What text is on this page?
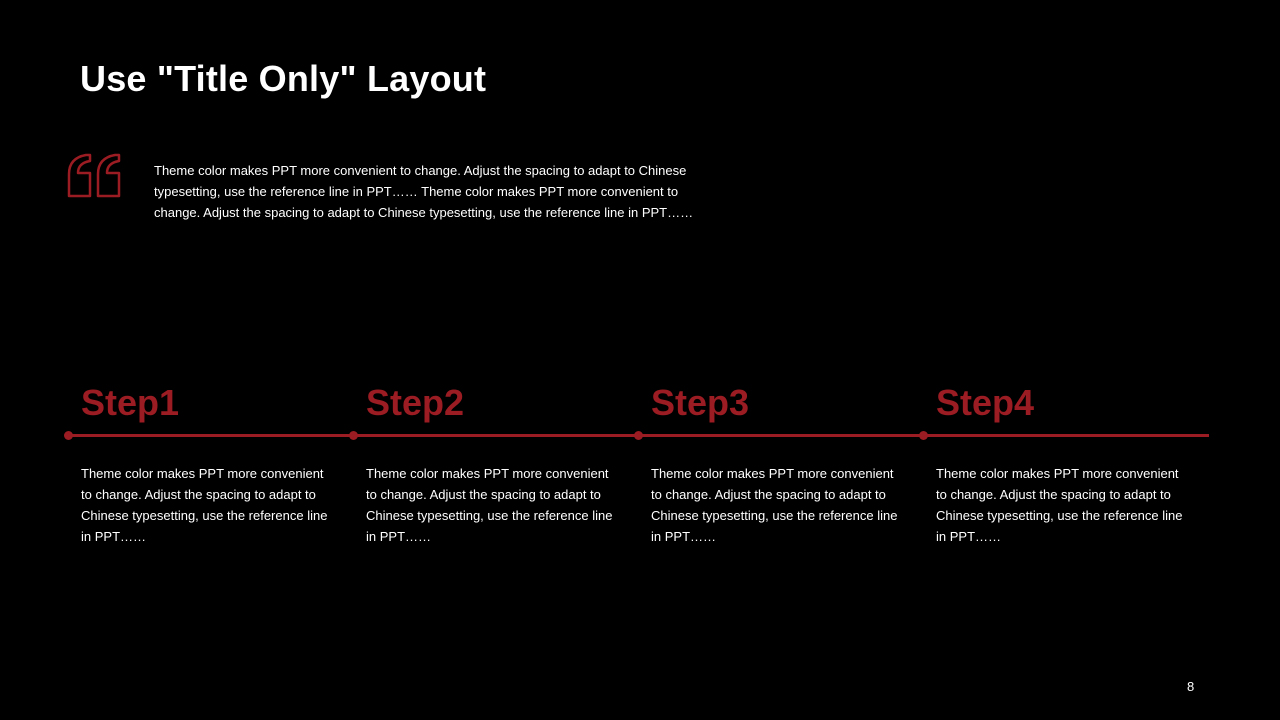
Use "Title Only" Layout
Theme color makes PPT more convenient to change. Adjust the spacing to adapt to Chinese typesetting, use the reference line in PPT…… Theme color makes PPT more convenient to change. Adjust the spacing to adapt to Chinese typesetting, use the reference line in PPT……
Step1
Theme color makes PPT more convenient to change. Adjust the spacing to adapt to Chinese typesetting, use the reference line in PPT……
Step2
Theme color makes PPT more convenient to change. Adjust the spacing to adapt to Chinese typesetting, use the reference line in PPT……
Step3
Theme color makes PPT more convenient to change. Adjust the spacing to adapt to Chinese typesetting, use the reference line in PPT……
Step4
Theme color makes PPT more convenient to change. Adjust the spacing to adapt to Chinese typesetting, use the reference line in PPT……
8
